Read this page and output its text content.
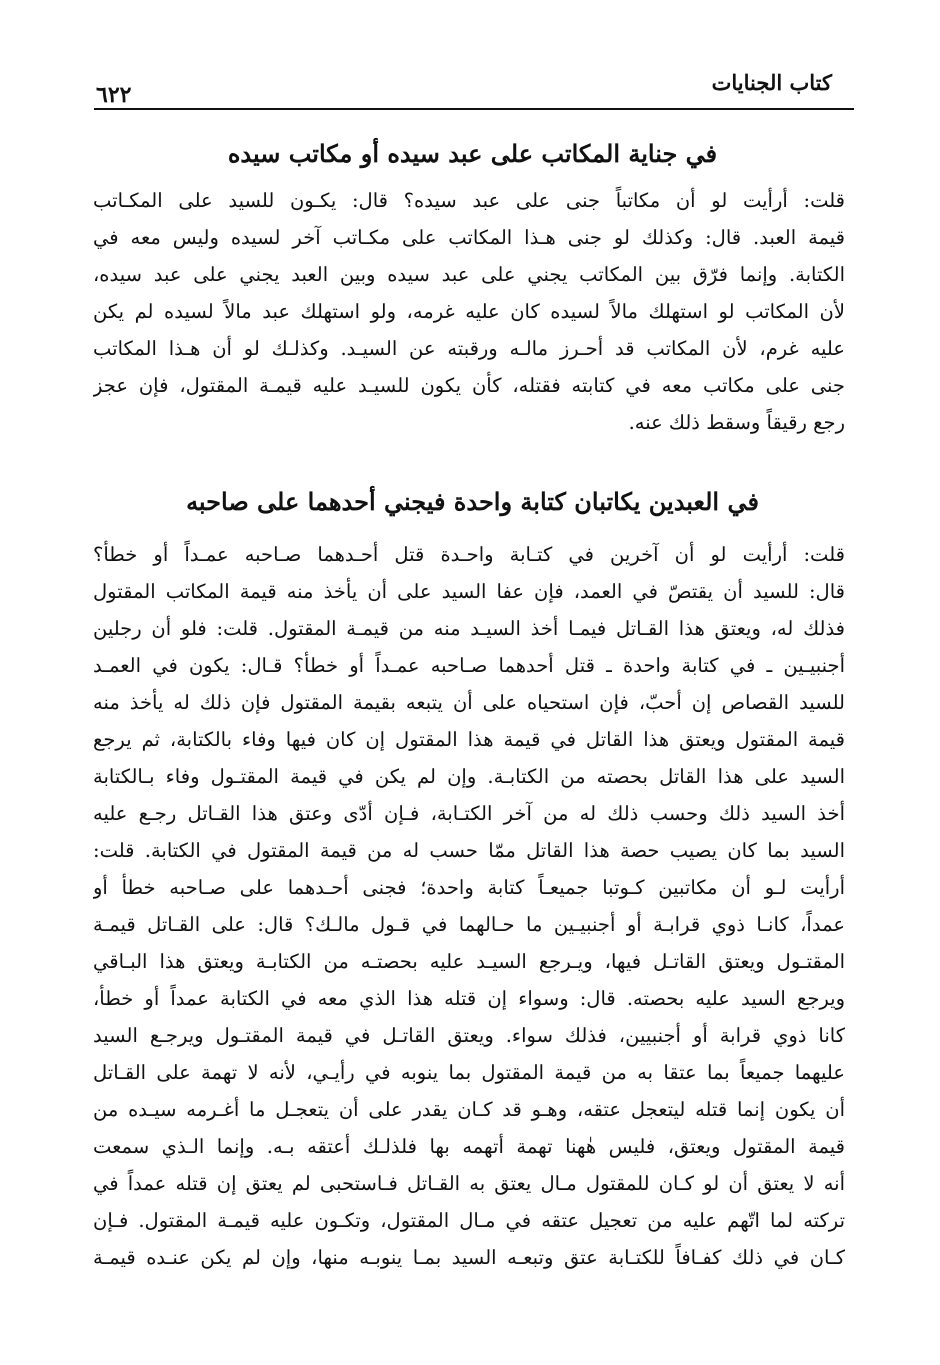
كتاب الجنايات
٦٢٢
في جناية المكاتب على عبد سيده أو مكاتب سيده
قلت: أرأيت لو أن مكاتباً جنى على عبد سيده؟ قال: يكـون للسيد على المكـاتب
قيمة العبد. قال: وكذلك لو جنى هـذا المكاتب على مكـاتب آخر لسيده وليس معه في
الكتابة. وإنما فرّق بين المكاتب يجني على عبد سيده وبين العبد يجني على عبد سيده،
لأن المكاتب لو استهلك مالاً لسيده كان عليه غرمه، ولو استهلك عبد مالاً لسيده لم يكن
عليه غرم، لأن المكاتب قد أحـرز مالـه ورقبته عن السيـد. وكذلـك لو أن هـذا المكاتب
جنى على مكاتب معه في كتابته فقتله، كأن يكون للسيـد عليه قيمـة المقتول، فإن عجز
رجع رقيقاً وسقط ذلك عنه.
في العبدين يكاتبان كتابة واحدة فيجني أحدهما على صاحبه
قلت: أرأيت لو أن آخرين في كتـابة واحـدة قتل أحـدهما صـاحبه عمـداً أو خطأ؟
قال: للسيد أن يقتصّ في العمد، فإن عفا السيد على أن يأخذ منه قيمة المكاتب المقتول
فذلك له، ويعتق هذا القـاتل فيمـا أخذ السيـد منه من قيمـة المقتول. قلت: فلو أن رجلين
أجنبيـين ـ في كتابة واحدة ـ قتل أحدهما صـاحبه عمـداً أو خطأ؟ قـال: يكون في العمـد
للسيد القصاص إن أحبّ، فإن استحياه على أن يتبعه بقيمة المقتول فإن ذلك له يأخذ منه
قيمة المقتول ويعتق هذا القاتل في قيمة هذا المقتول إن كان فيها وفاء بالكتابة، ثم يرجع
السيد على هذا القاتل بحصته من الكتابـة. وإن لم يكن في قيمة المقتـول وفاء بـالكتابة
أخذ السيد ذلك وحسب ذلك له من آخر الكتـابة، فـإن أدّى وعتق هذا القـاتل رجـع عليه
السيد بما كان يصيب حصة هذا القاتل ممّا حسب له من قيمة المقتول في الكتابة. قلت:
أرأيت لـو أن مكاتبين كـوتبا جميعـاً كتابة واحدة؛ فجنى أحـدهما على صـاحبه خطأ أو
عمداً، كانـا ذوي قرابـة أو أجنبيـين ما حـالهما في قـول مالـك؟ قال: على القـاتل قيمـة
المقتـول ويعتق القاتـل فيها، ويـرجع السيـد عليه بحصتـه من الكتابـة ويعتق هذا البـاقي
ويرجع السيد عليه بحصته. قال: وسواء إن قتله هذا الذي معه في الكتابة عمداً أو خطأ،
كانا ذوي قرابة أو أجنبيين، فذلك سواء. ويعتق القاتـل في قيمة المقتـول ويرجـع السيد
عليهما جميعاً بما عتقا به من قيمة المقتول بما ينوبه في رأيـي، لأنه لا تهمة على القـاتل
أن يكون إنما قتله ليتعجل عتقه، وهـو قد كـان يقدر على أن يتعجـل ما أغـرمه سيـده من
قيمة المقتول ويعتق، فليس هٰهنا تهمة أتهمه بها فلذلـك أعتقه بـه. وإنما الـذي سمعت
أنه لا يعتق أن لو كـان للمقتول مـال يعتق به القـاتل فـاستحبى لم يعتق إن قتله عمداً في
تركته لما اتّهم عليه من تعجيل عتقه في مـال المقتول، وتكـون عليه قيمـة المقتول. فـإن
كـان في ذلك كفـافاً للكتـابة عتق وتبعـه السيد بمـا ينوبـه منها، وإن لم يكن عنـده قيمـة
